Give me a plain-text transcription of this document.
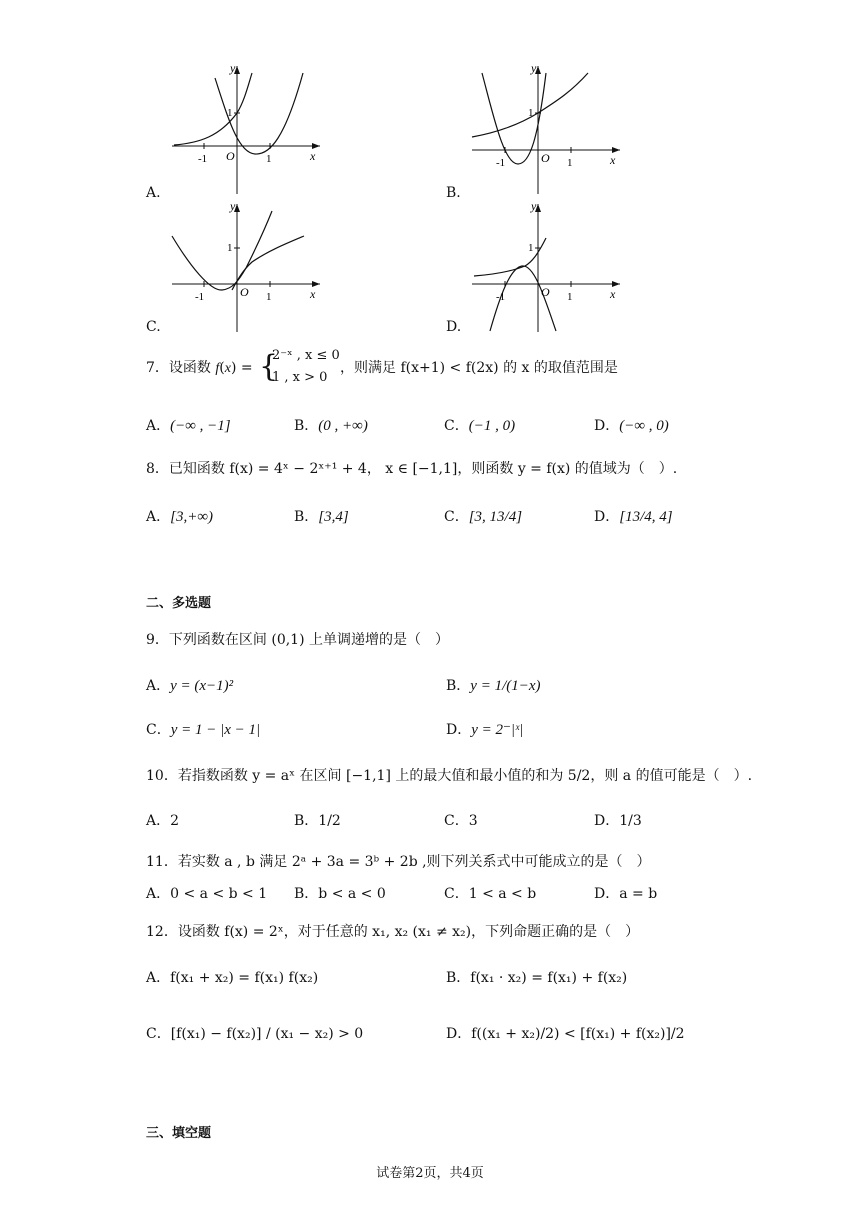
y
x
O
1
-1	1
A.
y
x
O
1
-1	1
B.
y
x
O
1
-1	1
C.
y
x
O
1
-1	1
D.
7．设函数 f(x) = {
2⁻ˣ , x ≤ 0
1 , x > 0
，则满足 f(x+1) < f(2x) 的 x 的取值范围是
A．(−∞ , −1]	B．(0 , +∞)	C．(−1 , 0)	D．(−∞ , 0)
8．已知函数 f(x) = 4ˣ − 2ˣ⁺¹ + 4， x ∈ [−1,1]，则函数 y = f(x) 的值域为（　）.
A．[3,+∞)	B．[3,4]	C．[3, 13/4]	D．[13/4, 4]
二、多选题
9．下列函数在区间 (0,1) 上单调递增的是（　）
A．y = (x−1)²	B．y = 1/(1−x)
C．y = 1 − |x − 1|	D．y = 2⁻|ˣ|
10．若指数函数 y = aˣ 在区间 [−1,1] 上的最大值和最小值的和为 5/2，则 a 的值可能是（　）.
A．2	B．1/2	C．3	D．1/3
11．若实数 a , b 满足 2ᵃ + 3a = 3ᵇ + 2b ,则下列关系式中可能成立的是（　）
A．0 < a < b < 1 B．b < a < 0	C．1 < a < b	D．a = b
12．设函数 f(x) = 2ˣ，对于任意的 x₁, x₂ (x₁ ≠ x₂)，下列命题正确的是（　）
A．f(x₁ + x₂) = f(x₁) f(x₂)	B．f(x₁ · x₂) = f(x₁) + f(x₂)
C．[f(x₁) − f(x₂)] / (x₁ − x₂) > 0	D．f((x₁ + x₂)/2) < [f(x₁) + f(x₂)]/2
三、填空题
试卷第2页，共4页
